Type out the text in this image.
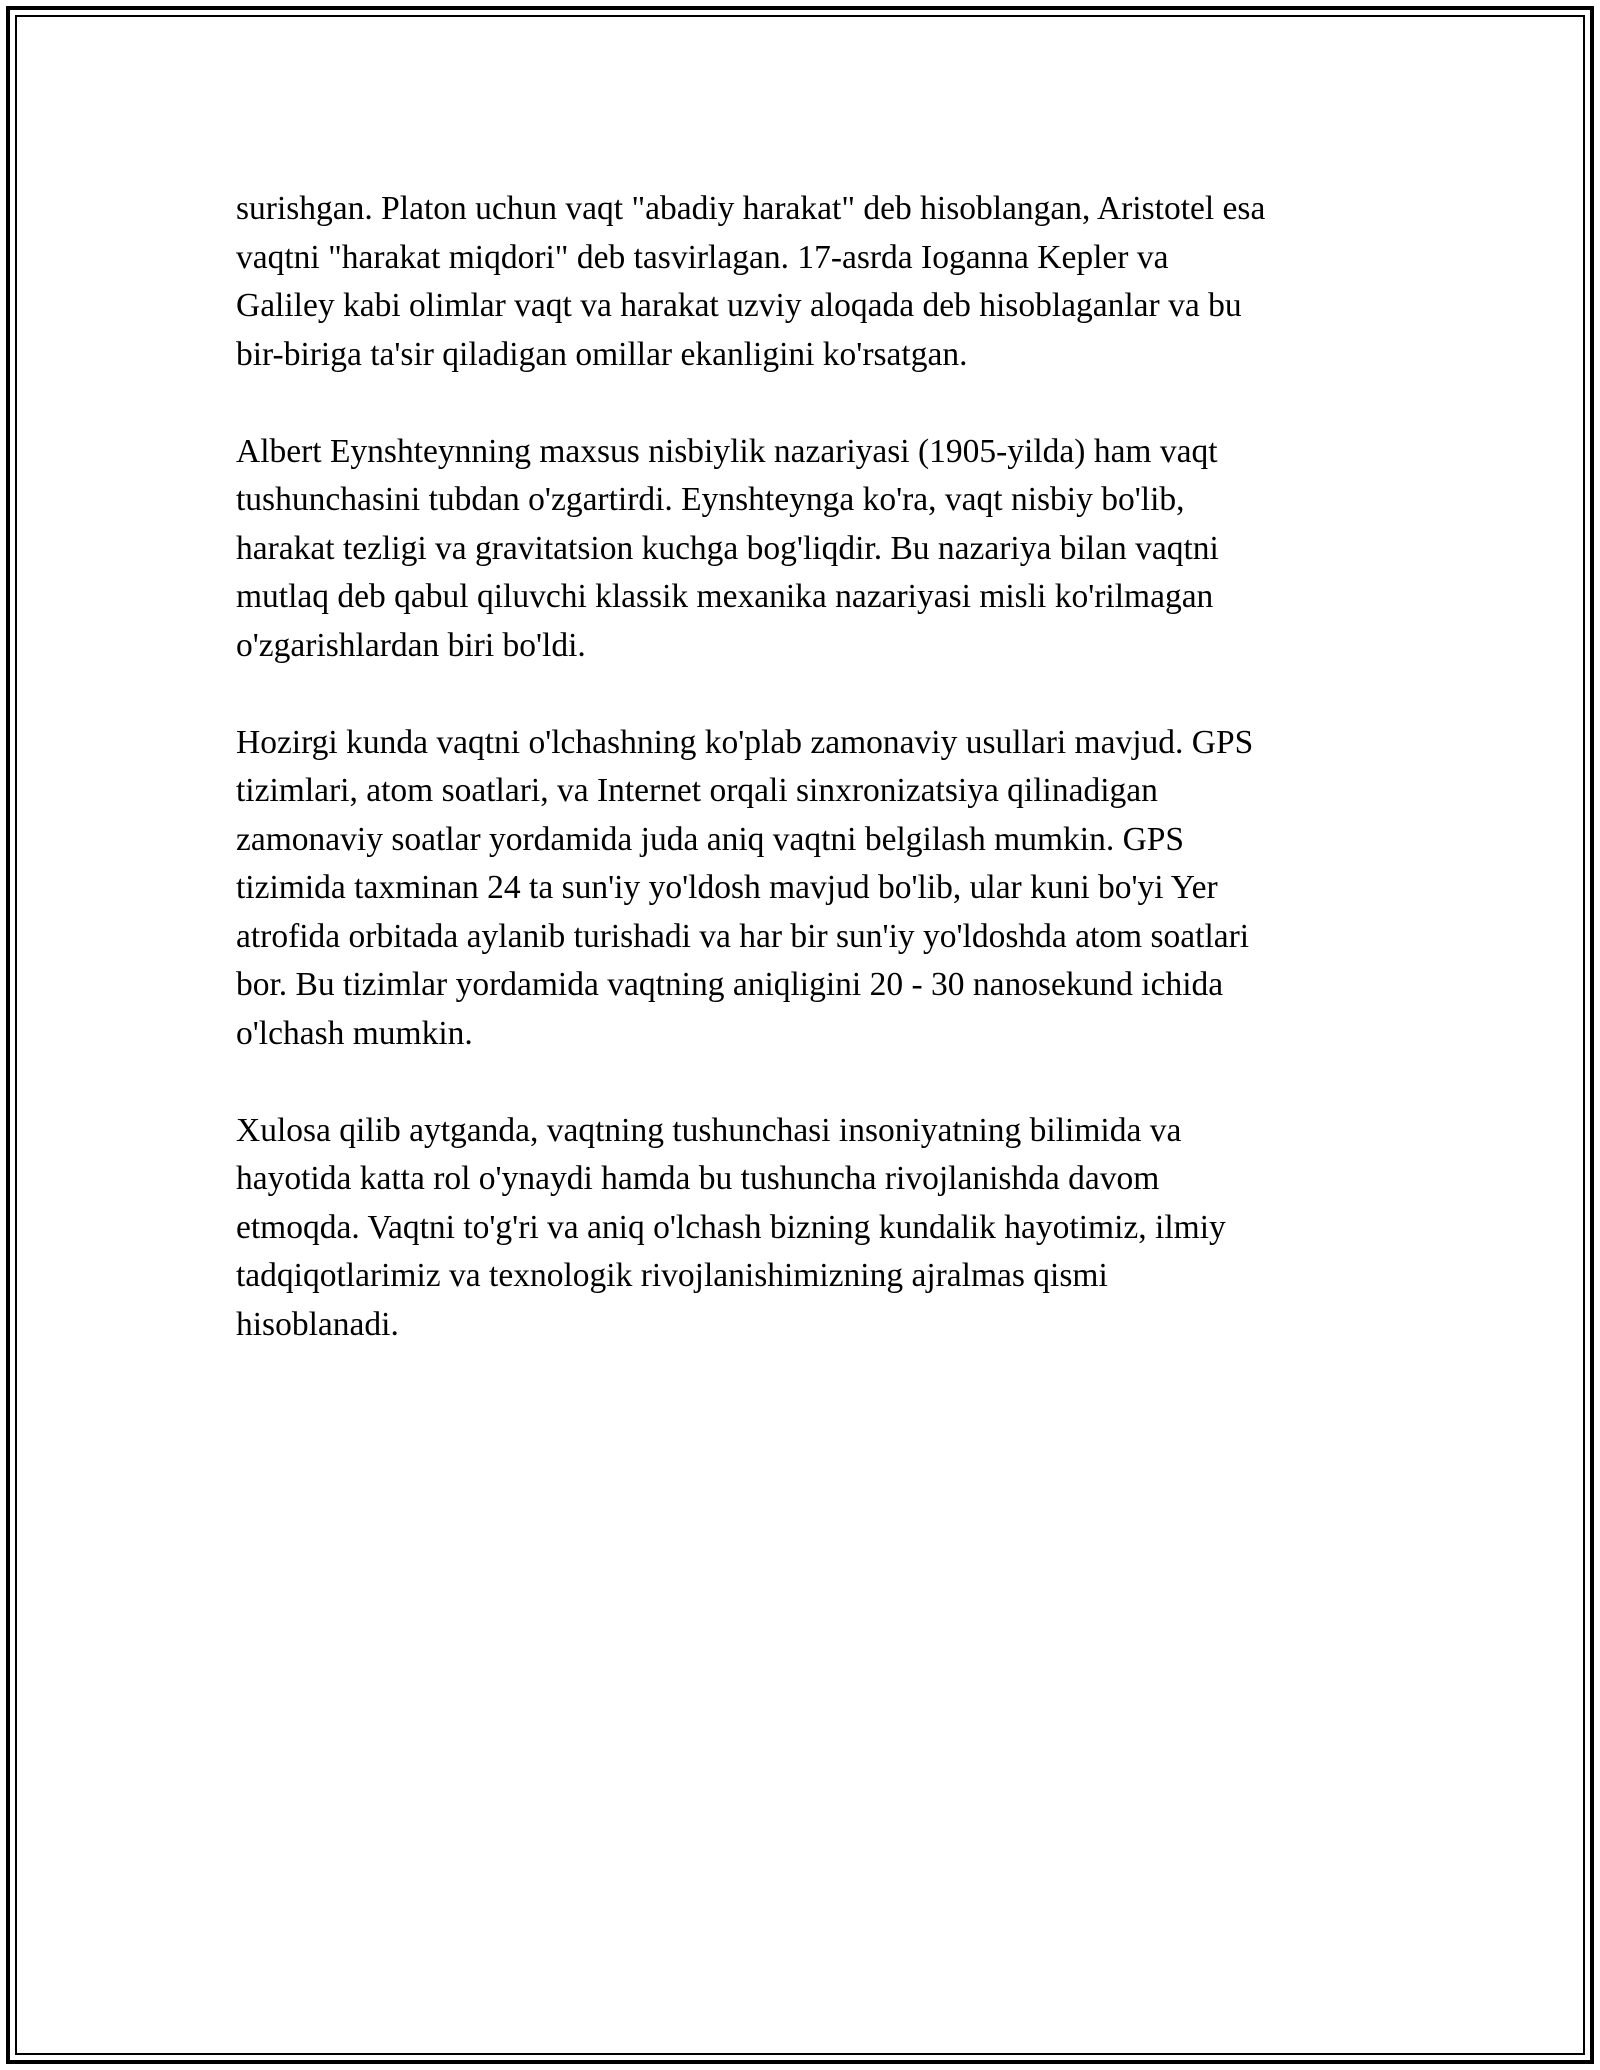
surishgan. Platon uchun vaqt "abadiy harakat" deb hisoblangan, Aristotel esa
vaqtni "harakat miqdori" deb tasvirlagan. 17-asrda Ioganna Kepler va
Galiley kabi olimlar vaqt va harakat uzviy aloqada deb hisoblaganlar va bu
bir-biriga ta'sir qiladigan omillar ekanligini ko'rsatgan.

Albert Eynshteynning maxsus nisbiylik nazariyasi (1905-yilda) ham vaqt
tushunchasini tubdan o'zgartirdi. Eynshteynga ko'ra, vaqt nisbiy bo'lib,
harakat tezligi va gravitatsion kuchga bog'liqdir. Bu nazariya bilan vaqtni
mutlaq deb qabul qiluvchi klassik mexanika nazariyasi misli ko'rilmagan
o'zgarishlardan biri bo'ldi.

Hozirgi kunda vaqtni o'lchashning ko'plab zamonaviy usullari mavjud. GPS
tizimlari, atom soatlari, va Internet orqali sinxronizatsiya qilinadigan
zamonaviy soatlar yordamida juda aniq vaqtni belgilash mumkin. GPS
tizimida taxminan 24 ta sun'iy yo'ldosh mavjud bo'lib, ular kuni bo'yi Yer
atrofida orbitada aylanib turishadi va har bir sun'iy yo'ldoshda atom soatlari
bor. Bu tizimlar yordamida vaqtning aniqligini 20 - 30 nanosekund ichida
o'lchash mumkin.

Xulosa qilib aytganda, vaqtning tushunchasi insoniyatning bilimida va
hayotida katta rol o'ynaydi hamda bu tushuncha rivojlanishda davom
etmoqda. Vaqtni to'g'ri va aniq o'lchash bizning kundalik hayotimiz, ilmiy
tadqiqotlarimiz va texnologik rivojlanishimizning ajralmas qismi
hisoblanadi.
